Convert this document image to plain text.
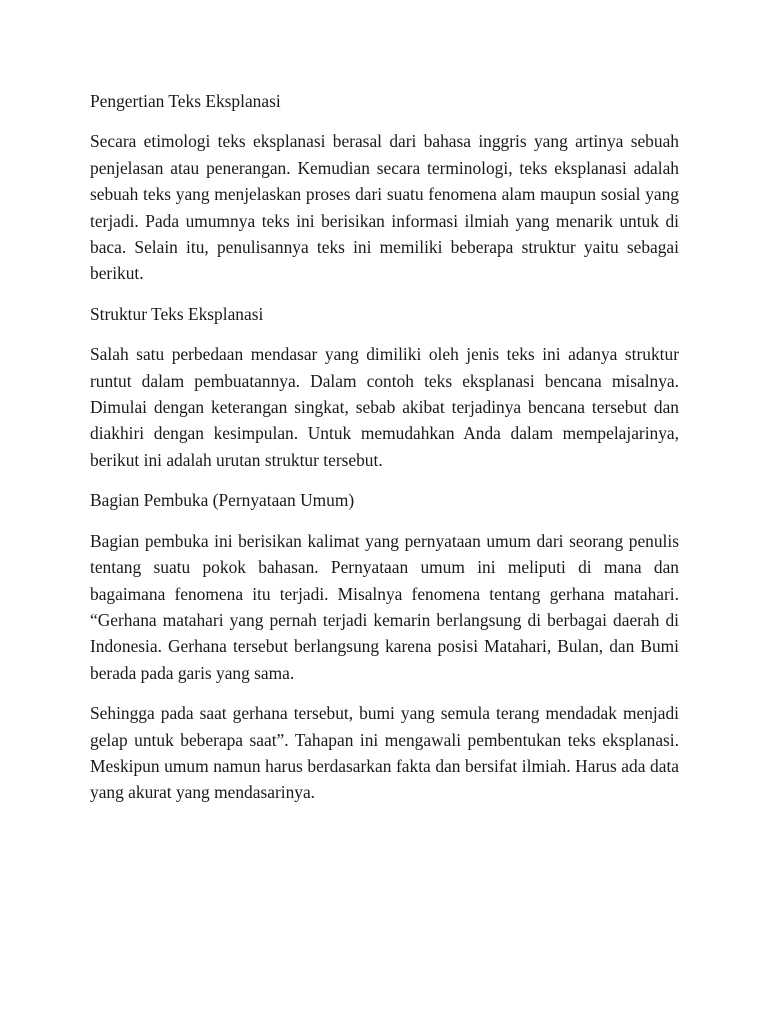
Pengertian Teks Eksplanasi
Secara etimologi teks eksplanasi berasal dari bahasa inggris yang artinya sebuah penjelasan atau penerangan. Kemudian secara terminologi, teks eksplanasi adalah sebuah teks yang menjelaskan proses dari suatu fenomena alam maupun sosial yang terjadi. Pada umumnya teks ini berisikan informasi ilmiah yang menarik untuk di baca. Selain itu, penulisannya teks ini memiliki beberapa struktur yaitu sebagai berikut.
Struktur Teks Eksplanasi
Salah satu perbedaan mendasar yang dimiliki oleh jenis teks ini adanya struktur runtut dalam pembuatannya. Dalam contoh teks eksplanasi bencana misalnya. Dimulai dengan keterangan singkat, sebab akibat terjadinya bencana tersebut dan diakhiri dengan kesimpulan. Untuk memudahkan Anda dalam mempelajarinya, berikut ini adalah urutan struktur tersebut.
Bagian Pembuka (Pernyataan Umum)
Bagian pembuka ini berisikan kalimat yang pernyataan umum dari seorang penulis tentang suatu pokok bahasan. Pernyataan umum ini meliputi di mana dan bagaimana fenomena itu terjadi. Misalnya fenomena tentang gerhana matahari. “Gerhana matahari yang pernah terjadi kemarin berlangsung di berbagai daerah di Indonesia. Gerhana tersebut berlangsung karena posisi Matahari, Bulan, dan Bumi berada pada garis yang sama.
Sehingga pada saat gerhana tersebut, bumi yang semula terang mendadak menjadi gelap untuk beberapa saat”. Tahapan ini mengawali pembentukan teks eksplanasi. Meskipun umum namun harus berdasarkan fakta dan bersifat ilmiah. Harus ada data yang akurat yang mendasarinya.
